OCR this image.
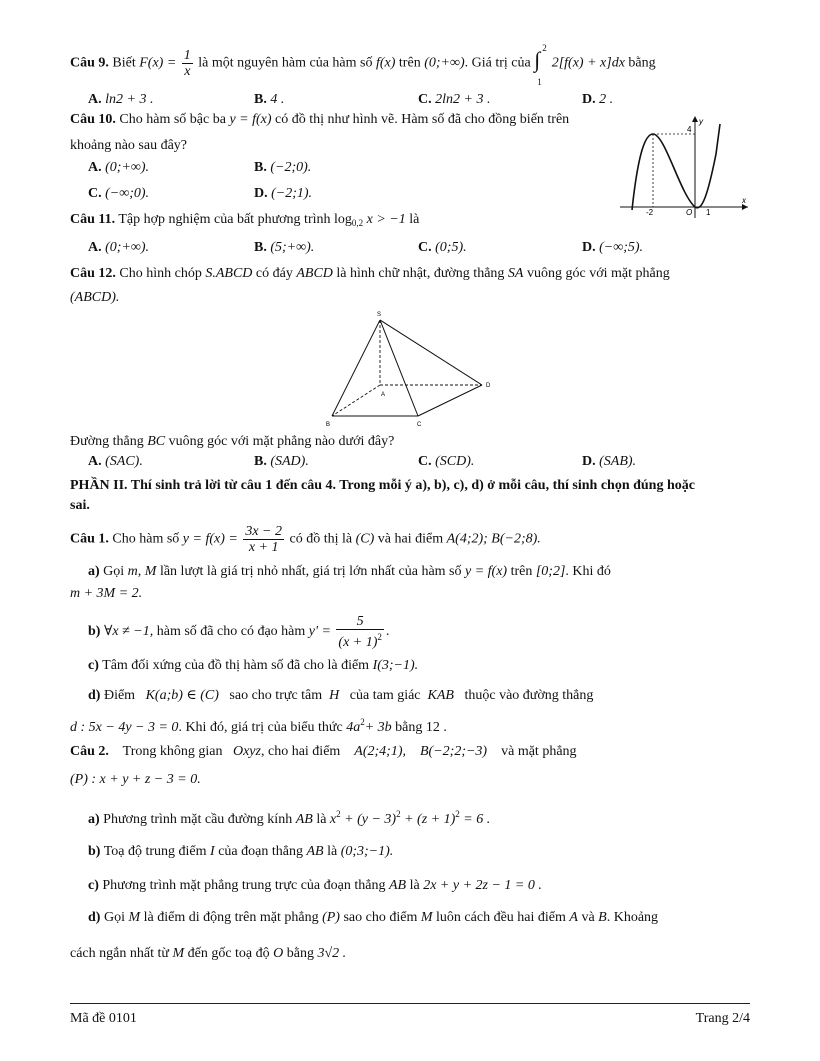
Câu 9. Biết $F(x) = \frac{1}{x}$ là một nguyên hàm của hàm số f(x) trên (0;+∞). Giá trị của ∫ 2
1
2[f(x) + x]dx bằng
A. ln2 + 3 .	B. 4 .	C. 2ln2 + 3 .	D. 2 .
Câu 10. Cho hàm số bậc ba y = f(x) có đồ thị như hình vẽ. Hàm số đã cho đồng biến trên
khoảng nào sau đây?
A. (0;+∞).	B. (−2;0).
C. (−∞;0).	D. (−2;1).
y
x
4
-2	O 1
Câu 11. Tập hợp nghiệm của bất phương trình $\log_{0,2} x > -1$ là
A. (0;+∞).	B. (5;+∞).	C. (0;5).	D. (−∞;5).
Câu 12. Cho hình chóp S.ABCD có đáy ABCD là hình chữ nhật, đường thẳng SA vuông góc với mặt phẳng
(ABCD).
S
A
D
B	C
Đường thẳng BC vuông góc với mặt phẳng nào dưới đây?
A. (SAC).	B. (SAD).	C. (SCD).	D. (SAB).
PHẦN II. Thí sinh trả lời từ câu 1 đến câu 4. Trong mỗi ý a), b), c), d) ở mỗi câu, thí sinh chọn đúng hoặc
sai.
Câu 1. Cho hàm số $y = f(x) = \frac{3x - 2}{x + 1}$ có đồ thị là (C) và hai điểm A(4;2); B(−2;8).
a) Gọi m, M lần lượt là giá trị nhỏ nhất, giá trị lớn nhất của hàm số y = f(x) trên [0;2]. Khi đó
m + 3M = 2.
b) ∀x ≠ −1, hàm số đã cho có đạo hàm $y' = \frac{5}{(x + 1)^2}$ .
c) Tâm đối xứng của đồ thị hàm số đã cho là điểm I(3;−1).
d) Điểm K(a;b) ∈ (C) sao cho trực tâm H của tam giác KAB thuộc vào đường thẳng
d : 5x − 4y − 3 = 0. Khi đó, giá trị của biểu thức $4a^2+ 3b$ bằng 12 .
Câu 2. Trong không gian Oxyz, cho hai điểm A(2;4;1), B(−2;2;−3) và mặt phẳng
(P) : x + y + z − 3 = 0.
a) Phương trình mặt cầu đường kính AB là $x^2 + (y - 3)^2 + (z + 1)^2 = 6$ .
b) Toạ độ trung điểm I của đoạn thẳng AB là (0;3;−1).
c) Phương trình mặt phẳng trung trực của đoạn thẳng AB là 2x + y + 2z − 1 = 0 .
d) Gọi M là điểm di động trên mặt phẳng (P) sao cho điểm M luôn cách đều hai điểm A và B. Khoảng
cách ngắn nhất từ M đến gốc toạ độ O bằng 3√2 .
Mã đề 0101	Trang 2/4
